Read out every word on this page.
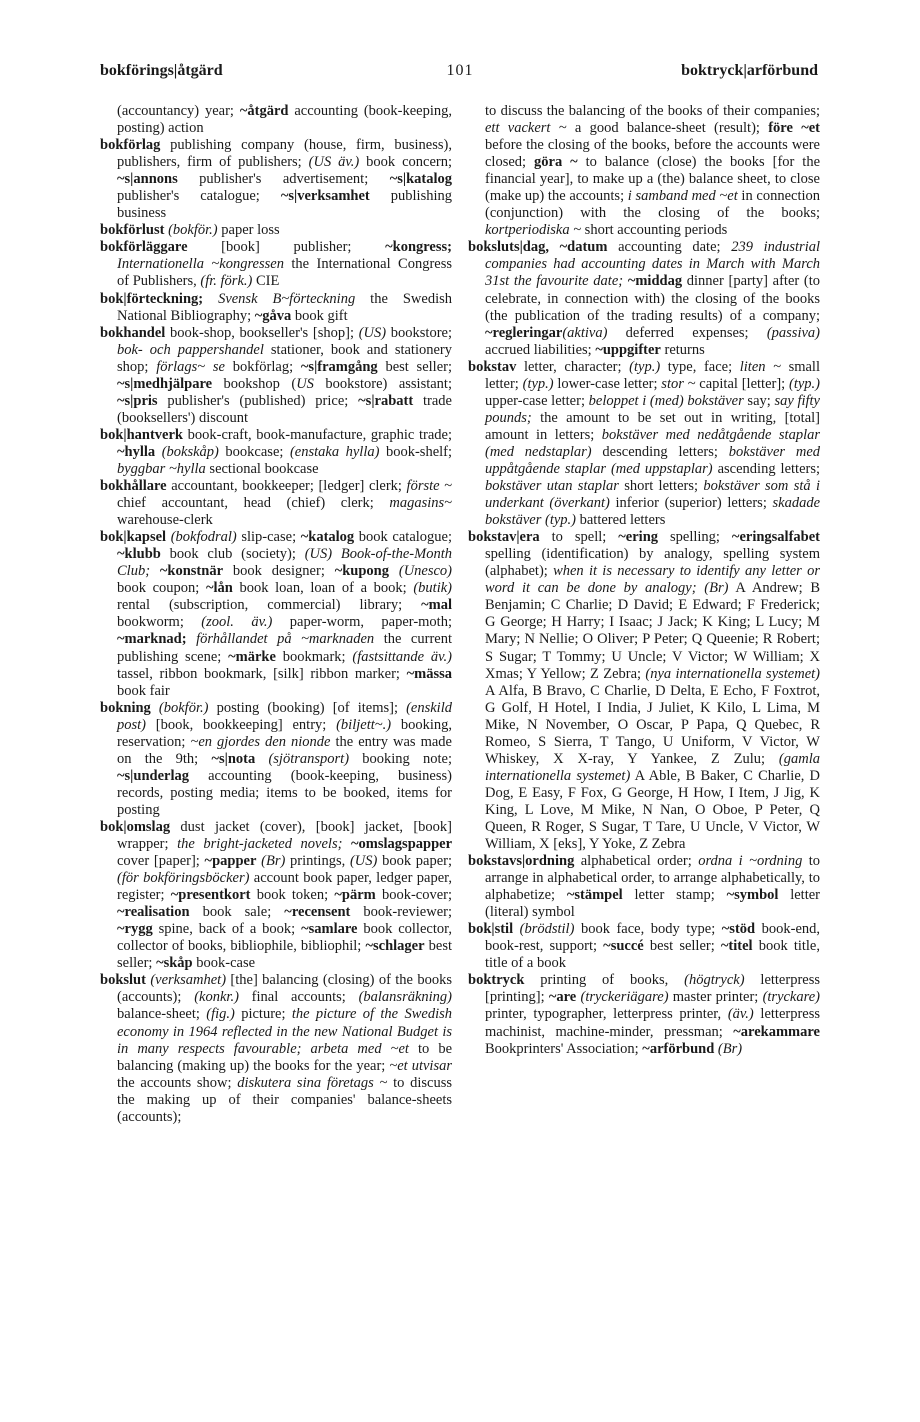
bokförings|åtgärd	101	boktryck|arförbund

(accountancy) year; ~åtgärd accounting (book-keeping, posting) action

bokförlag publishing company (house, firm, business), publishers, firm of publishers; (US äv.) book concern; ~s|annons publisher's advertisement; ~s|katalog publisher's catalogue; ~s|verksamhet publishing business

bokförlust (bokför.) paper loss

bokförläggare [book] publisher; ~kongress; Internationella ~kongressen the International Congress of Publishers, (fr. förk.) CIE

bok|förteckning; Svensk B~förteckning the Swedish National Bibliography; ~gåva book gift

bokhandel book-shop, bookseller's [shop]; (US) bookstore; bok- och pappershandel stationer, book and stationery shop; förlags~ se bokförlag; ~s|framgång best seller; ~s|medhjälpare bookshop (US bookstore) assistant; ~s|pris publisher's (published) price; ~s|rabatt trade (booksellers') discount

bok|hantverk book-craft, book-manufacture, graphic trade; ~hylla (bokskåp) bookcase; (enstaka hylla) book-shelf; byggbar ~hylla sectional bookcase

bokhållare accountant, bookkeeper; [ledger] clerk; förste ~ chief accountant, head (chief) clerk; magasins~ warehouse-clerk

bok|kapsel (bokfodral) slip-case; ~katalog book catalogue; ~klubb book club (society); (US) Book-of-the-Month Club; ~konstnär book designer; ~kupong (Unesco) book coupon; ~lån book loan, loan of a book; (butik) rental (subscription, commercial) library; ~mal bookworm; (zool. äv.) paper-worm, paper-moth; ~marknad; förhållandet på ~marknaden the current publishing scene; ~märke bookmark; (fastsittande äv.) tassel, ribbon bookmark, [silk] ribbon marker; ~mässa book fair

bokning (bokför.) posting (booking) [of items]; (enskild post) [book, bookkeeping] entry; (biljett~.) booking, reservation; ~en gjordes den nionde the entry was made on the 9th; ~s|nota (sjötransport) booking note; ~s|underlag accounting (book-keeping, business) records, posting media; items to be booked, items for posting

bok|omslag dust jacket (cover), [book] jacket, [book] wrapper; the bright-jacketed novels; ~omslagspapper cover [paper]; ~papper (Br) printings, (US) book paper; (för bokföringsböcker) account book paper, ledger paper, register; ~presentkort book token; ~pärm book-cover; ~realisation book sale; ~recensent book-reviewer; ~rygg spine, back of a book; ~samlare book collector, collector of books, bibliophile, bibliophil; ~schlager best seller; ~skåp book-case

bokslut (verksamhet) [the] balancing (closing) of the books (accounts); (konkr.) final accounts; (balansräkning) balance-sheet; (fig.) picture; the picture of the Swedish economy in 1964 reflected in the new National Budget is in many respects favourable; arbeta med ~et to be balancing (making up) the books for the year; ~et utvisar the accounts show; diskutera sina företags ~ to discuss the making up of their companies' balance-sheets (accounts);

to discuss the balancing of the books of their companies; ett vackert ~ a good balance-sheet (result); före ~et before the closing of the books, before the accounts were closed; göra ~ to balance (close) the books [for the financial year], to make up a (the) balance sheet, to close (make up) the accounts; i samband med ~et in connection (conjunction) with the closing of the books; kortperiodiska ~ short accounting periods

boksluts|dag, ~datum accounting date; 239 industrial companies had accounting dates in March with March 31st the favourite date; ~middag dinner [party] after (to celebrate, in connection with) the closing of the books (the publication of the trading results) of a company; ~regleringar(aktiva) deferred expenses; (passiva) accrued liabilities; ~uppgifter returns

bokstav letter, character; (typ.) type, face; liten ~ small letter; (typ.) lower-case letter; stor ~ capital [letter]; (typ.) upper-case letter; beloppet i (med) bokstäver say; say fifty pounds; the amount to be set out in writing, [total] amount in letters; bokstäver med nedåtgående staplar (med nedstaplar) descending letters; bokstäver med uppåtgående staplar (med uppstaplar) ascending letters; bokstäver utan staplar short letters; bokstäver som stå i underkant (överkant) inferior (superior) letters; skadade bokstäver (typ.) battered letters

bokstav|era to spell; ~ering spelling; ~eringsalfabet spelling (identification) by analogy, spelling system (alphabet); when it is necessary to identify any letter or word it can be done by analogy; (Br) A Andrew; B Benjamin; C Charlie; D David; E Edward; F Frederick; G George; H Harry; I Isaac; J Jack; K King; L Lucy; M Mary; N Nellie; O Oliver; P Peter; Q Queenie; R Robert; S Sugar; T Tommy; U Uncle; V Victor; W William; X Xmas; Y Yellow; Z Zebra; (nya internationella systemet) A Alfa, B Bravo, C Charlie, D Delta, E Echo, F Foxtrot, G Golf, H Hotel, I India, J Juliet, K Kilo, L Lima, M Mike, N November, O Oscar, P Papa, Q Quebec, R Romeo, S Sierra, T Tango, U Uniform, V Victor, W Whiskey, X X-ray, Y Yankee, Z Zulu; (gamla internationella systemet) A Able, B Baker, C Charlie, D Dog, E Easy, F Fox, G George, H How, I Item, J Jig, K King, L Love, M Mike, N Nan, O Oboe, P Peter, Q Queen, R Roger, S Sugar, T Tare, U Uncle, V Victor, W William, X [eks], Y Yoke, Z Zebra

bokstavs|ordning alphabetical order; ordna i ~ordning to arrange in alphabetical order, to arrange alphabetically, to alphabetize; ~stämpel letter stamp; ~symbol letter (literal) symbol

bok|stil (brödstil) book face, body type; ~stöd book-end, book-rest, support; ~succé best seller; ~titel book title, title of a book

boktryck printing of books, (högtryck) letterpress [printing]; ~are (tryckeriägare) master printer; (tryckare) printer, typographer, letterpress printer, (äv.) letterpress machinist, machine-minder, pressman; ~arekammare Bookprinters' Association; ~arförbund (Br)
